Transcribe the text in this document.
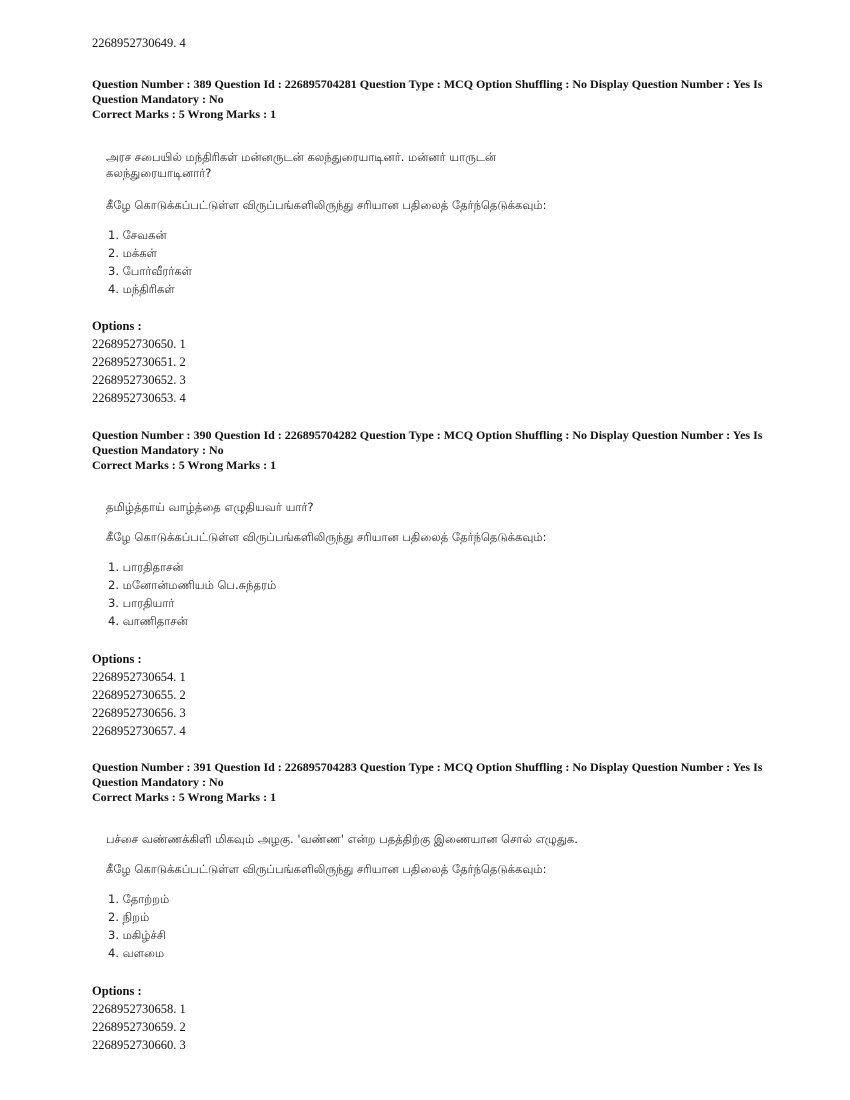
2268952730649. 4
Question Number : 389 Question Id : 226895704281 Question Type : MCQ Option Shuffling : No Display Question Number : Yes Is Question Mandatory : No
Correct Marks : 5 Wrong Marks : 1
அரச சபையில் மந்திரிகள் மன்னருடன் கலந்துரையாடினர். மன்னர் யாருடன்
கலந்துரையாடினார்?
கீழே கொடுக்கப்பட்டுள்ள விருப்பங்களிலிருந்து சரியான பதிலைத் தேர்ந்தெடுக்கவும்:
1. சேவகன்
2. மக்கள்
3. போர்வீரர்கள்
4. மந்திரிகள்
Options :
2268952730650. 1
2268952730651. 2
2268952730652. 3
2268952730653. 4
Question Number : 390 Question Id : 226895704282 Question Type : MCQ Option Shuffling : No Display Question Number : Yes Is Question Mandatory : No
Correct Marks : 5 Wrong Marks : 1
தமிழ்த்தாய் வாழ்த்தை எழுதியவர் யார்?
கீழே கொடுக்கப்பட்டுள்ள விருப்பங்களிலிருந்து சரியான பதிலைத் தேர்ந்தெடுக்கவும்:
1. பாரதிதாசன்
2. மனோன்மணியம் பெ.சுந்தரம்
3. பாரதியார்
4. வாணிதாசன்
Options :
2268952730654. 1
2268952730655. 2
2268952730656. 3
2268952730657. 4
Question Number : 391 Question Id : 226895704283 Question Type : MCQ Option Shuffling : No Display Question Number : Yes Is Question Mandatory : No
Correct Marks : 5 Wrong Marks : 1
பச்சை வண்ணக்கிளி மிகவும் அழகு. 'வண்ண' என்ற பதத்திற்கு இணையான சொல் எழுதுக.
கீழே கொடுக்கப்பட்டுள்ள விருப்பங்களிலிருந்து சரியான பதிலைத் தேர்ந்தெடுக்கவும்:
1. தோற்றம்
2. நிறம்
3. மகிழ்ச்சி
4. வளமை
Options :
2268952730658. 1
2268952730659. 2
2268952730660. 3
